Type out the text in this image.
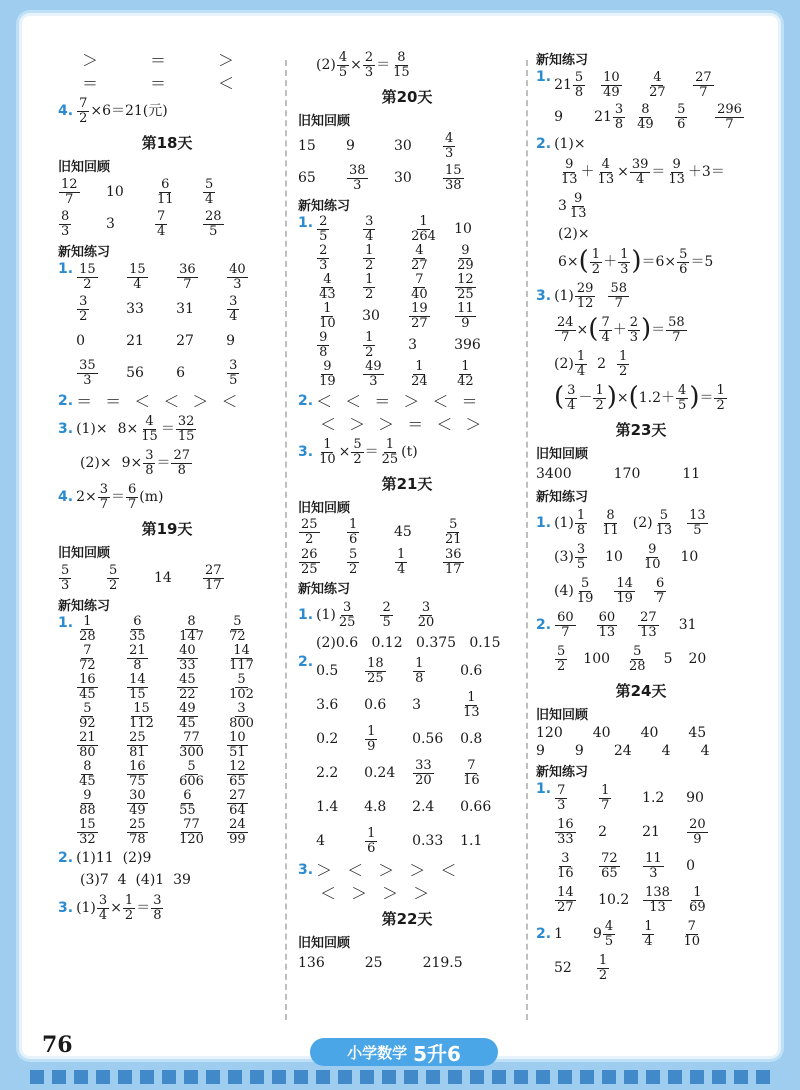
＞	＝	＞
＝	＝	＜
4. $\frac{7}{2} \times 6=21$(元)
第18天
旧知回顾
$\frac{12}{7} 10$	$\frac{6}{11} \frac{5}{4}$
$\frac{8}{3} 3$	$\frac{7}{4}$	$\frac{28}{5}$
新知练习
1. $\frac{15}{2} \frac{15}{4} \frac{36}{7} \frac{40}{3}$
$\frac{3}{2}$	33	31	$\frac{3}{4}$
0	21	27	9
$\frac{35}{3} 56$	6	$\frac{3}{5}$
2. ＝ ＝ ＜ ＜ ＞ ＜
3. $(1)\times 8\times \frac{4}{15} = \frac{32}{15}$
$(2)\times 9\times \frac{3}{8} = \frac{27}{8}$
4. $2\times \frac{3}{7} = \frac{6}{7} (m)$
第19天
旧知回顾
$\frac{5}{3}$	$\frac{5}{2} 14$	$\frac{27}{17}$
新知练习
1. $\frac{1}{28} \frac{6}{35} \frac{8}{147} \frac{5}{72}$
$\frac{7}{72} \frac{21}{8} \frac{40}{33} \frac{14}{117}$
$\frac{16}{45} \frac{14}{15} \frac{45}{22} \frac{5}{102}$
$\frac{5}{92} \frac{15}{112} \frac{49}{45} \frac{3}{800}$
$\frac{21}{80} \frac{25}{81} \frac{77}{300} \frac{10}{51}$
$\frac{8}{45} \frac{16}{75} \frac{5}{606} \frac{12}{65}$
$\frac{9}{88} \frac{30}{49} \frac{6}{55} \frac{27}{64}$
$\frac{15}{32} \frac{25}{78} \frac{77}{120} \frac{24}{99}$
2. (1)11  (2)9
(3)7  4  (4)1  39
3. $(1) \frac{3}{4} \times \frac{1}{2} = \frac{3}{8}$
$(2) \frac{4}{5} \times \frac{2}{3} = \frac{8}{15}$
第20天
旧知回顾
15	9	30	$\frac{4}{3}$
65	$\frac{38}{3} 30$	$\frac{15}{38}$
新知练习
1. $\frac{2}{5}$	$\frac{3}{4}$	$\frac{1}{264} 10$
$\frac{2}{3}$	$\frac{1}{2}$	$\frac{4}{27} \frac{9}{29}$
$\frac{4}{43} \frac{1}{2}$	$\frac{7}{40} \frac{12}{25}$
$\frac{1}{10} 30$	$\frac{19}{27} \frac{11}{9}$
$\frac{9}{8}$	$\frac{1}{2} 3$	396
$\frac{9}{19} \frac{49}{3} \frac{1}{24} \frac{1}{42}$
2. ＜ ＜ ＝ ＞ ＜ ＝
＜ ＞ ＞ ＝ ＜ ＞
3. $\frac{1}{10} \times \frac{5}{2} = \frac{1}{25} (t)$
第21天
旧知回顾
$\frac{25}{2} \frac{1}{6} 45$	$\frac{5}{21}$
$\frac{26}{25} \frac{5}{2}$	$\frac{1}{4}$	$\frac{36}{17}$
新知练习
1. $(1) \frac{3}{25} \frac{2}{5} \frac{3}{20}$
(2)0.6   0.12   0.375   0.15
2.
0.5	$\frac{18}{25} \frac{1}{8} 0.6$
3.6	0.6	3	$\frac{1}{13}$
0.2	$\frac{1}{9} 0.56$	0.8
2.2	0.24	$\frac{33}{20} \frac{7}{16}$
1.4	4.8	2.4	0.66
4	$\frac{1}{6} 0.33$	1.1
3. ＞ ＜ ＞ ＞ ＜
＜ ＞ ＞ ＞
第22天
旧知回顾
136	25	219.5
新知练习
1. $21 \frac{5}{8} \frac{10}{49} \frac{4}{27} \frac{27}{7}$
9	$21 \frac{3}{8} \frac{8}{49} \frac{5}{6} \frac{296}{7}$
2. (1)×
$\frac{9}{13} + \frac{4}{13} \times \frac{39}{4} = \frac{9}{13} +3=$
$3 \frac{9}{13}$
(2)×
6× ( $\frac{1}{2} + \frac{1}{3}$ ) $=6\times \frac{5}{6} =5$
3. $(1) \frac{29}{12} \frac{58}{7}$
$\frac{24}{7}$ × ( $\frac{7}{4} + \frac{2}{3}$ ) ＝ $\frac{58}{7}$
$(2) \frac{1}{4} 2 \frac{1}{2}$
( $\frac{3}{4} - \frac{1}{2}$ ) × ( $1.2+ \frac{4}{5}$ ) ＝ $\frac{1}{2}$
第23天
旧知回顾
3400	170	11
新知练习
1. $(1) \frac{1}{8} \frac{8}{11} (2) \frac{5}{13} \frac{13}{5}$
$(3) \frac{3}{5} 10 \frac{9}{10} 10$
$(4) \frac{5}{19} \frac{14}{19} \frac{6}{7}$
2. $\frac{60}{7} \frac{60}{13} \frac{27}{13} 31$
$\frac{5}{2} 100 \frac{5}{28} 5$ 20
第24天
旧知回顾
120 40 40 45
9 9 24 4 4
新知练习
1. $\frac{7}{3} \frac{1}{7} 1.2$	90
$\frac{16}{33} 2$	21	$\frac{20}{9}$
$\frac{3}{16} \frac{72}{65} \frac{11}{3} 0$
$\frac{14}{27} 10.2$	$\frac{138}{13} \frac{1}{69}$
2. 1 $9 \frac{4}{5} \frac{1}{4} \frac{7}{10}$
$52 \frac{1}{2}$
76	小学数学 5升6
